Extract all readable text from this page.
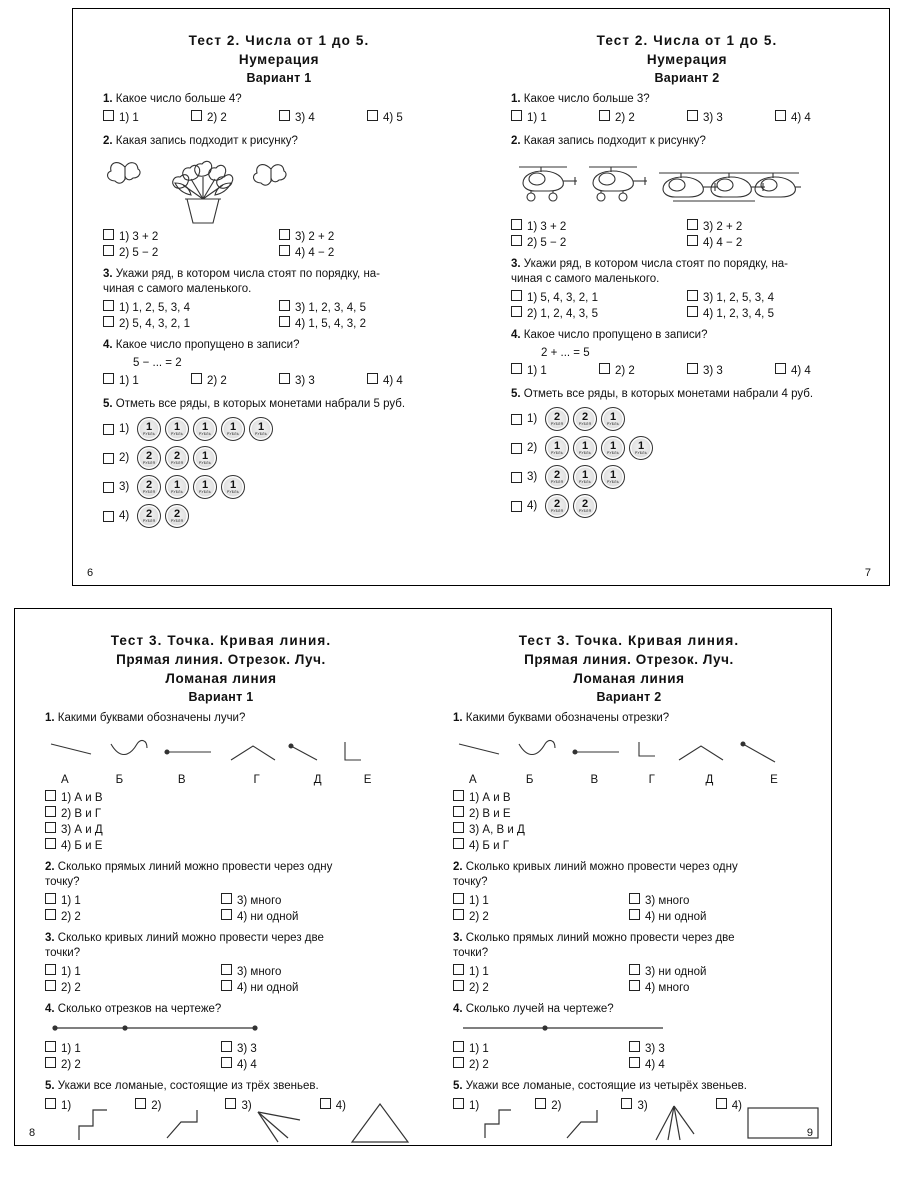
Тест 2. Числа от 1 до 5.
Нумерация
Вариант 1
1. Какое число больше 4?
1) 1	2) 2	3) 4	4) 5
2. Какая запись подходит к рисунку?
1) 3 + 2	3) 2 + 2
2) 5 − 2	4) 4 − 2
3. Укажи ряд, в котором числа стоят по порядку, на-
чиная с самого маленького.
1) 1, 2, 5, 3, 4	3) 1, 2, 3, 4, 5
2) 5, 4, 3, 2, 1	4) 1, 5, 4, 3, 2
4. Какое число пропущено в записи?
5 − ... = 2
1) 1	2) 2	3) 3	4) 4
5. Отметь все ряды, в которых монетами набрали 5 руб.
1) 1
РУБЛЬ
1
РУБЛЬ
1
РУБЛЬ
1
РУБЛЬ
1
РУБЛЬ
2) 2
РУБЛЯ
2
РУБЛЯ
1
РУБЛЬ
3) 2
РУБЛЯ
1
РУБЛЬ
1
РУБЛЬ
1
РУБЛЬ
4) 2
РУБЛЯ
2
РУБЛЯ
6
Тест 2. Числа от 1 до 5.
Нумерация
Вариант 2
1. Какое число больше 3?
1) 1	2) 2	3) 3	4) 4
2. Какая запись подходит к рисунку?
1) 3 + 2	3) 2 + 2
2) 5 − 2	4) 4 − 2
3. Укажи ряд, в котором числа стоят по порядку, на-
чиная с самого маленького.
1) 5, 4, 3, 2, 1	3) 1, 2, 5, 3, 4
2) 1, 2, 4, 3, 5	4) 1, 2, 3, 4, 5
4. Какое число пропущено в записи?
2 + ... = 5
1) 1	2) 2	3) 3	4) 4
5. Отметь все ряды, в которых монетами набрали 4 руб.
1) 2
РУБЛЯ
2
РУБЛЯ
1
РУБЛЬ
2) 1
РУБЛЬ
1
РУБЛЬ
1
РУБЛЬ
1
РУБЛЬ
3) 2
РУБЛЯ
1
РУБЛЬ
1
РУБЛЬ
4) 2
РУБЛЯ
2
РУБЛЯ
7
Тест 3. Точка. Кривая линия.
Прямая линия. Отрезок. Луч.
Ломаная линия
Вариант 1
1. Какими буквами обозначены лучи?
А	Б	В	Г	Д	Е
1) А и В
2) В и Г
3) А и Д
4) Б и Е
2. Сколько прямых линий можно провести через одну
точку?
1) 1	3) много
2) 2	4) ни одной
3. Сколько кривых линий можно провести через две
точки?
1) 1	3) много
2) 2	4) ни одной
4. Сколько отрезков на чертеже?
1) 1	3) 3
2) 2	4) 4
5. Укажи все ломаные, состоящие из трёх звеньев.
1)	2)	3)	4)
8
Тест 3. Точка. Кривая линия.
Прямая линия. Отрезок. Луч.
Ломаная линия
Вариант 2
1. Какими буквами обозначены отрезки?
А	Б	В	Г	Д	Е
1) А и В
2) В и Е
3) А, В и Д
4) Б и Г
2. Сколько кривых линий можно провести через одну
точку?
1) 1	3) много
2) 2	4) ни одной
3. Сколько прямых линий можно провести через две
точки?
1) 1	3) ни одной
2) 2	4) много
4. Сколько лучей на чертеже?
1) 1	3) 3
2) 2	4) 4
5. Укажи все ломаные, состоящие из четырёх звеньев.
1)	2)	3)	4)
9
